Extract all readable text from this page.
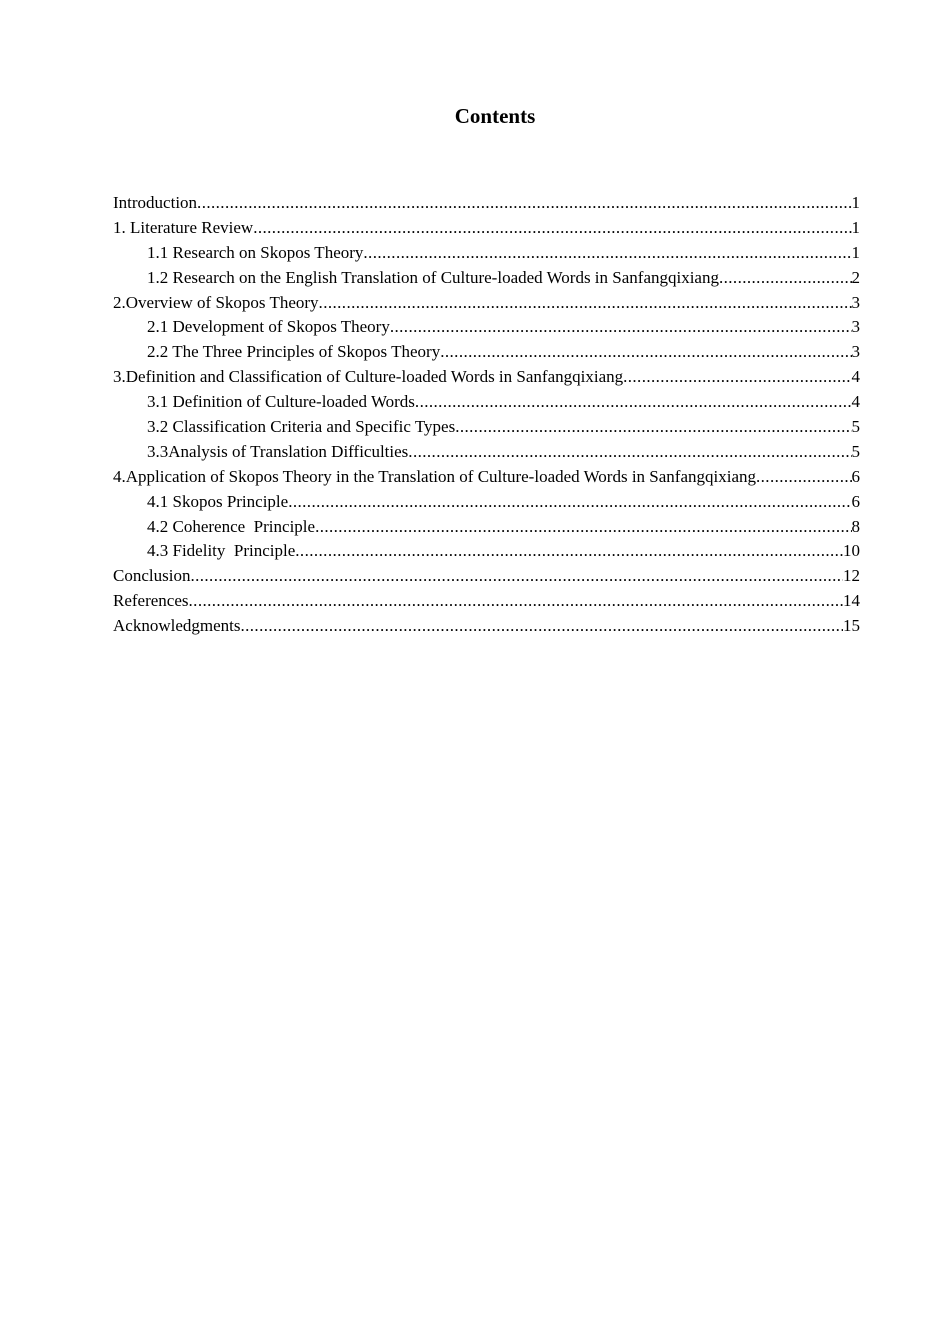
Contents
Introduction .....	1
1. Literature Review .....	1
1.1 Research on Skopos Theory .....	1
1.2 Research on the English Translation of Culture-loaded Words in Sanfangqixiang .....	2
2.Overview of Skopos Theory .....	3
2.1 Development of Skopos Theory .....	3
2.2 The Three Principles of Skopos Theory .....	3
3.Definition and Classification of Culture-loaded Words in Sanfangqixiang .....	4
3.1 Definition of Culture-loaded Words .....	4
3.2 Classification Criteria and Specific Types .....	5
3.3Analysis of Translation Difficulties .....	5
4.Application of Skopos Theory in the Translation of Culture-loaded Words in Sanfangqixiang .....	6
4.1 Skopos Principle .....	6
4.2 Coherence  Principle .....	8
4.3 Fidelity  Principle .....	10
Conclusion .....	12
References .....	14
Acknowledgments .....	15
